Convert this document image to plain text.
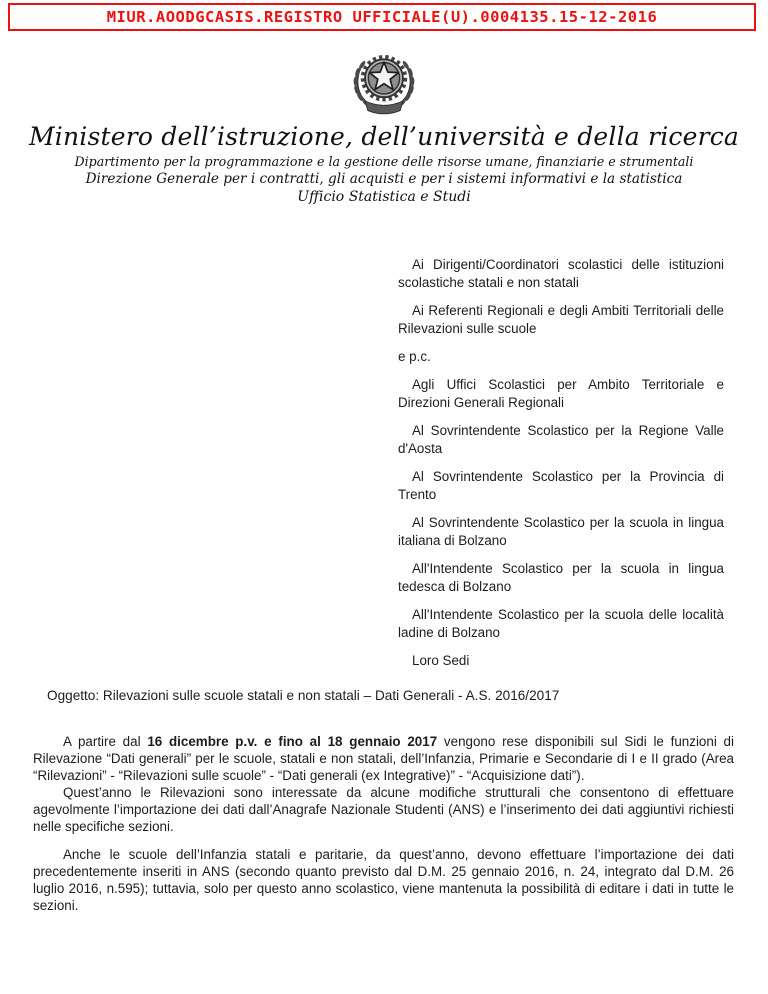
MIUR.AOODGCASIS.REGISTRO UFFICIALE(U).0004135.15-12-2016
Ministero dell’istruzione, dell’università e della ricerca
Dipartimento per la programmazione e la gestione delle risorse umane, finanziarie e strumentali
Direzione Generale per i contratti, gli acquisti e per i sistemi informativi e la statistica
Ufficio Statistica e Studi
Ai Dirigenti/Coordinatori scolastici delle istituzioni scolastiche statali e non statali
Ai Referenti Regionali e degli Ambiti Territoriali delle Rilevazioni sulle scuole
e p.c.
Agli Uffici Scolastici per Ambito Territoriale e Direzioni Generali Regionali
Al Sovrintendente Scolastico per la Regione Valle d'Aosta
Al Sovrintendente Scolastico per la Provincia di Trento
Al Sovrintendente Scolastico per la scuola in lingua italiana di Bolzano
All'Intendente Scolastico per la scuola in lingua tedesca di Bolzano
All'Intendente Scolastico per la scuola delle località ladine di Bolzano
Loro Sedi
Oggetto: Rilevazioni sulle scuole statali e non statali – Dati Generali - A.S. 2016/2017

A partire dal 16 dicembre p.v. e fino al 18 gennaio 2017 vengono rese disponibili sul Sidi le funzioni di Rilevazione “Dati generali” per le scuole, statali e non statali, dell’Infanzia, Primarie e Secondarie di I e II grado (Area “Rilevazioni” - “Rilevazioni sulle scuole” - “Dati generali (ex Integrative)” - “Acquisizione dati”).

Quest’anno le Rilevazioni sono interessate da alcune modifiche strutturali che consentono di effettuare agevolmente l’importazione dei dati dall’Anagrafe Nazionale Studenti (ANS) e l’inserimento dei dati aggiuntivi richiesti nelle specifiche sezioni.

Anche le scuole dell’Infanzia statali e paritarie, da quest’anno, devono effettuare l’importazione dei dati precedentemente inseriti in ANS (secondo quanto previsto dal D.M. 25 gennaio 2016, n. 24, integrato dal D.M. 26 luglio 2016, n.595); tuttavia, solo per questo anno scolastico, viene mantenuta la possibilità di editare i dati in tutte le sezioni.
